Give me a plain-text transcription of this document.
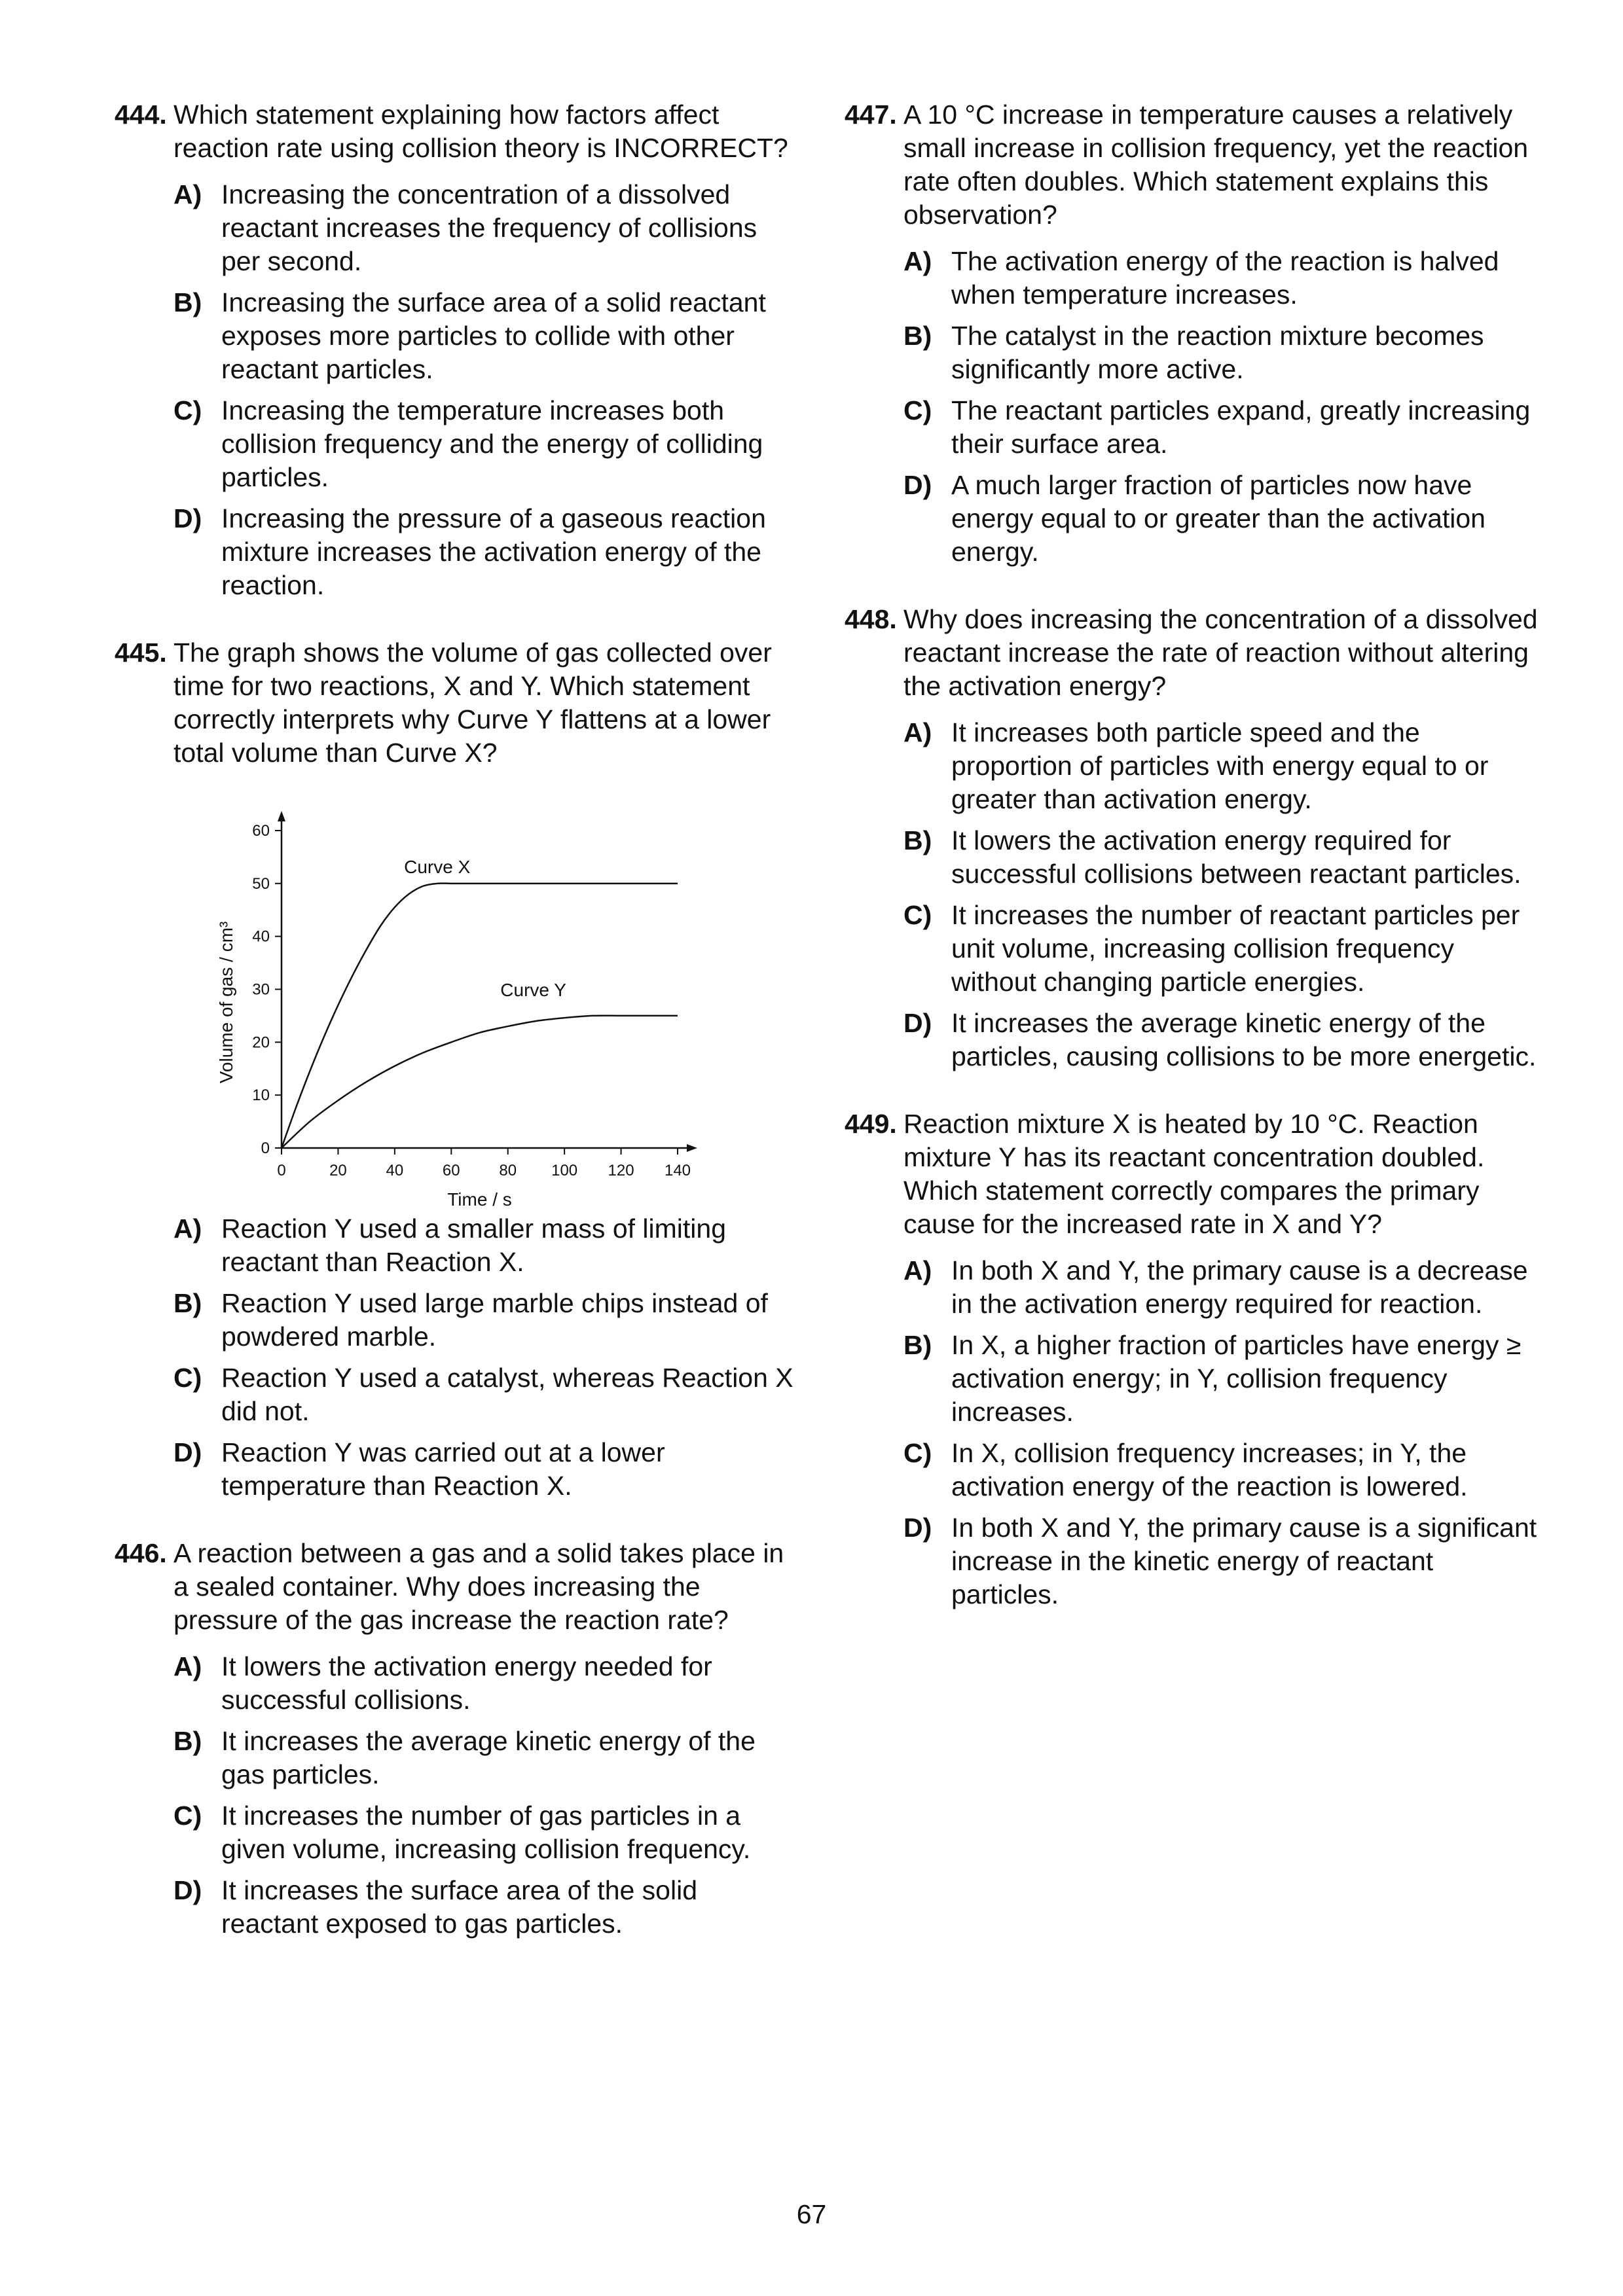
444. Which statement explaining how factors affect reaction rate using collision theory is INCORRECT?
A) Increasing the concentration of a dissolved reactant increases the frequency of collisions per second.
B) Increasing the surface area of a solid reactant exposes more particles to collide with other reactant particles.
C) Increasing the temperature increases both collision frequency and the energy of colliding particles.
D) Increasing the pressure of a gaseous reaction mixture increases the activation energy of the reaction.
445. The graph shows the volume of gas collected over time for two reactions, X and Y. Which statement correctly interprets why Curve Y flattens at a lower total volume than Curve X?
0	20 40 60 80 100 120 140
0
10
20
30
40
50
60
Curve X
Curve Y
Time / s
Volume of gas / cm³
A) Reaction Y used a smaller mass of limiting reactant than Reaction X.
B) Reaction Y used large marble chips instead of powdered marble.
C) Reaction Y used a catalyst, whereas Reaction X did not.
D) Reaction Y was carried out at a lower temperature than Reaction X.
446. A reaction between a gas and a solid takes place in a sealed container. Why does increasing the pressure of the gas increase the reaction rate?
A) It lowers the activation energy needed for successful collisions.
B) It increases the average kinetic energy of the gas particles.
C) It increases the number of gas particles in a given volume, increasing collision frequency.
D) It increases the surface area of the solid reactant exposed to gas particles.
447. A 10 °C increase in temperature causes a relatively small increase in collision frequency, yet the reaction rate often doubles. Which statement explains this observation?
A) The activation energy of the reaction is halved when temperature increases.
B) The catalyst in the reaction mixture becomes significantly more active.
C) The reactant particles expand, greatly increasing their surface area.
D) A much larger fraction of particles now have energy equal to or greater than the activation energy.
448. Why does increasing the concentration of a dissolved reactant increase the rate of reaction without altering the activation energy?
A) It increases both particle speed and the proportion of particles with energy equal to or greater than activation energy.
B) It lowers the activation energy required for successful collisions between reactant particles.
C) It increases the number of reactant particles per unit volume, increasing collision frequency without changing particle energies.
D) It increases the average kinetic energy of the particles, causing collisions to be more energetic.
449. Reaction mixture X is heated by 10 °C. Reaction mixture Y has its reactant concentration doubled. Which statement correctly compares the primary cause for the increased rate in X and Y?
A) In both X and Y, the primary cause is a decrease in the activation energy required for reaction.
B) In X, a higher fraction of particles have energy ≥ activation energy; in Y, collision frequency increases.
C) In X, collision frequency increases; in Y, the activation energy of the reaction is lowered.
D) In both X and Y, the primary cause is a significant increase in the kinetic energy of reactant particles.
67
